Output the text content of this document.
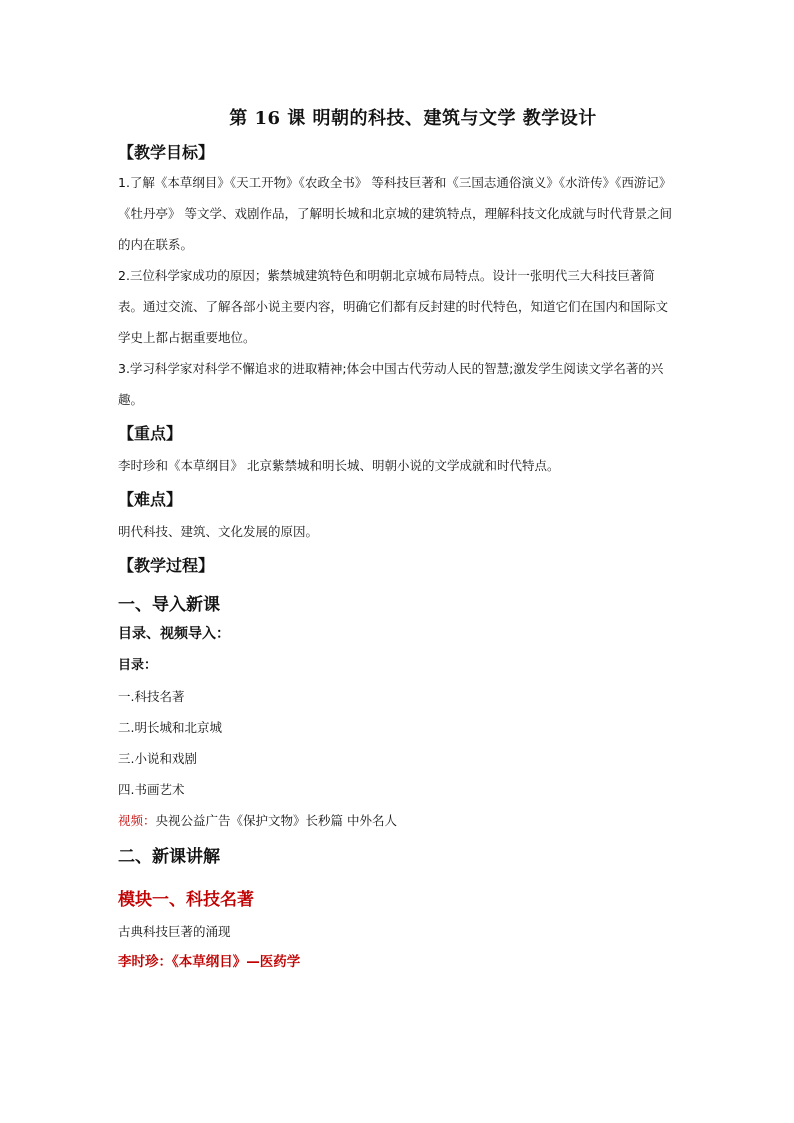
第 16 课 明朝的科技、建筑与文学 教学设计
【教学目标】
1.了解《本草纲目》《天工开物》《农政全书》 等科技巨著和《三国志通俗演义》《水浒传》《西游记》《牡丹亭》 等文学、戏剧作品，了解明长城和北京城的建筑特点，理解科技文化成就与时代背景之间的内在联系。
2.三位科学家成功的原因；紫禁城建筑特色和明朝北京城布局特点。设计一张明代三大科技巨著简表。通过交流、了解各部小说主要内容，明确它们都有反封建的时代特色，知道它们在国内和国际文学史上都占据重要地位。
3.学习科学家对科学不懈追求的进取精神;体会中国古代劳动人民的智慧;激发学生阅读文学名著的兴趣。
【重点】
李时珍和《本草纲目》 北京紫禁城和明长城、明朝小说的文学成就和时代特点。
【难点】
明代科技、建筑、文化发展的原因。
【教学过程】
一、导入新课
目录、视频导入：
目录：
一.科技名著
二.明长城和北京城
三.小说和戏剧
四.书画艺术
视频：央视公益广告《保护文物》长秒篇 中外名人
二、新课讲解
模块一、科技名著
古典科技巨著的涌现
李时珍：《本草纲目》—医药学
